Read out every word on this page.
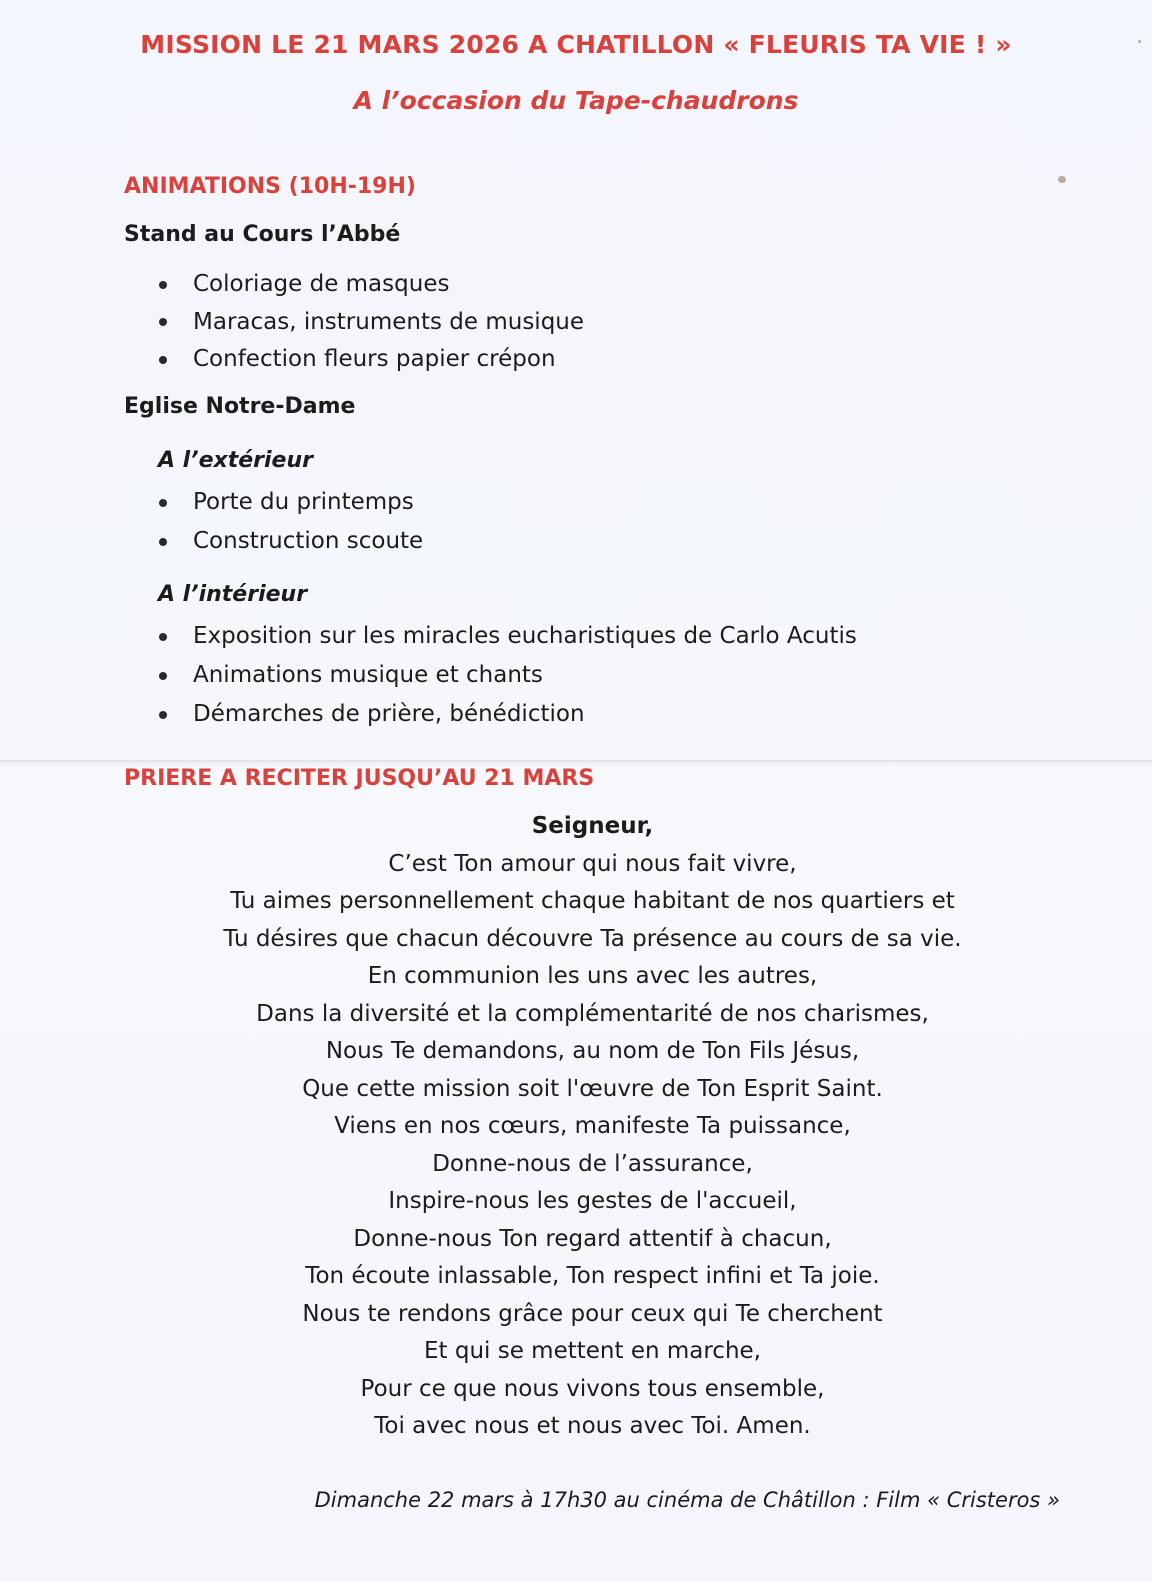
MISSION LE 21 MARS 2026 A CHATILLON « FLEURIS TA VIE ! »
A l’occasion du Tape-chaudrons
ANIMATIONS (10H-19H)
Stand au Cours l’Abbé
Coloriage de masques
Maracas, instruments de musique
Confection fleurs papier crépon
Eglise Notre-Dame
A l’extérieur
Porte du printemps
Construction scoute
A l’intérieur
Exposition sur les miracles eucharistiques de Carlo Acutis
Animations musique et chants
Démarches de prière, bénédiction
PRIERE A RECITER JUSQU’AU 21 MARS
Seigneur,
C’est Ton amour qui nous fait vivre,
Tu aimes personnellement chaque habitant de nos quartiers et
Tu désires que chacun découvre Ta présence au cours de sa vie.
En communion les uns avec les autres,
Dans la diversité et la complémentarité de nos charismes,
Nous Te demandons, au nom de Ton Fils Jésus,
Que cette mission soit l'œuvre de Ton Esprit Saint.
Viens en nos cœurs, manifeste Ta puissance,
Donne-nous de l’assurance,
Inspire-nous les gestes de l'accueil,
Donne-nous Ton regard attentif à chacun,
Ton écoute inlassable, Ton respect infini et Ta joie.
Nous te rendons grâce pour ceux qui Te cherchent
Et qui se mettent en marche,
Pour ce que nous vivons tous ensemble,
Toi avec nous et nous avec Toi. Amen.
Dimanche 22 mars à 17h30 au cinéma de Châtillon : Film « Cristeros »
